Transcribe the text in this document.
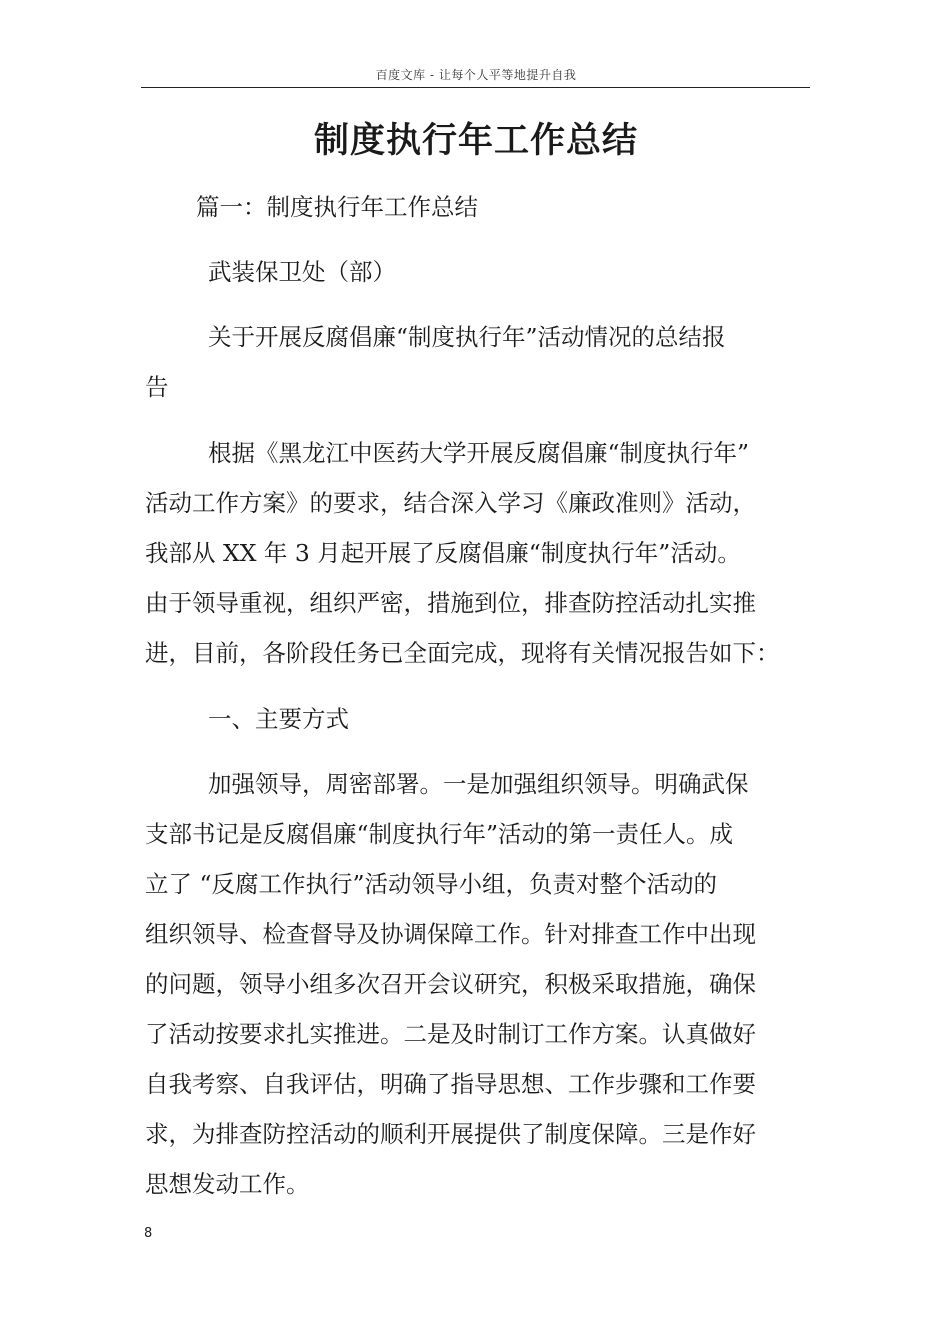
百度文库 - 让每个人平等地提升自我
制度执行年工作总结

篇一：制度执行年工作总结

武装保卫处（部）

关于开展反腐倡廉“制度执行年”活动情况的总结报

告

根据《黑龙江中医药大学开展反腐倡廉“制度执行年”

活动工作方案》的要求，结合深入学习《廉政准则》活动，

我部从 XX 年 3 月起开展了反腐倡廉“制度执行年”活动。

由于领导重视，组织严密，措施到位，排查防控活动扎实推

进，目前，各阶段任务已全面完成，现将有关情况报告如下：

一、主要方式

加强领导，周密部署。一是加强组织领导。明确武保

支部书记是反腐倡廉“制度执行年”活动的第一责任人。成

立了 “反腐工作执行”活动领导小组，负责对整个活动的

组织领导、检查督导及协调保障工作。针对排查工作中出现

的问题，领导小组多次召开会议研究，积极采取措施，确保

了活动按要求扎实推进。二是及时制订工作方案。认真做好

自我考察、自我评估，明确了指导思想、工作步骤和工作要

求，为排查防控活动的顺利开展提供了制度保障。三是作好

思想发动工作。

8
